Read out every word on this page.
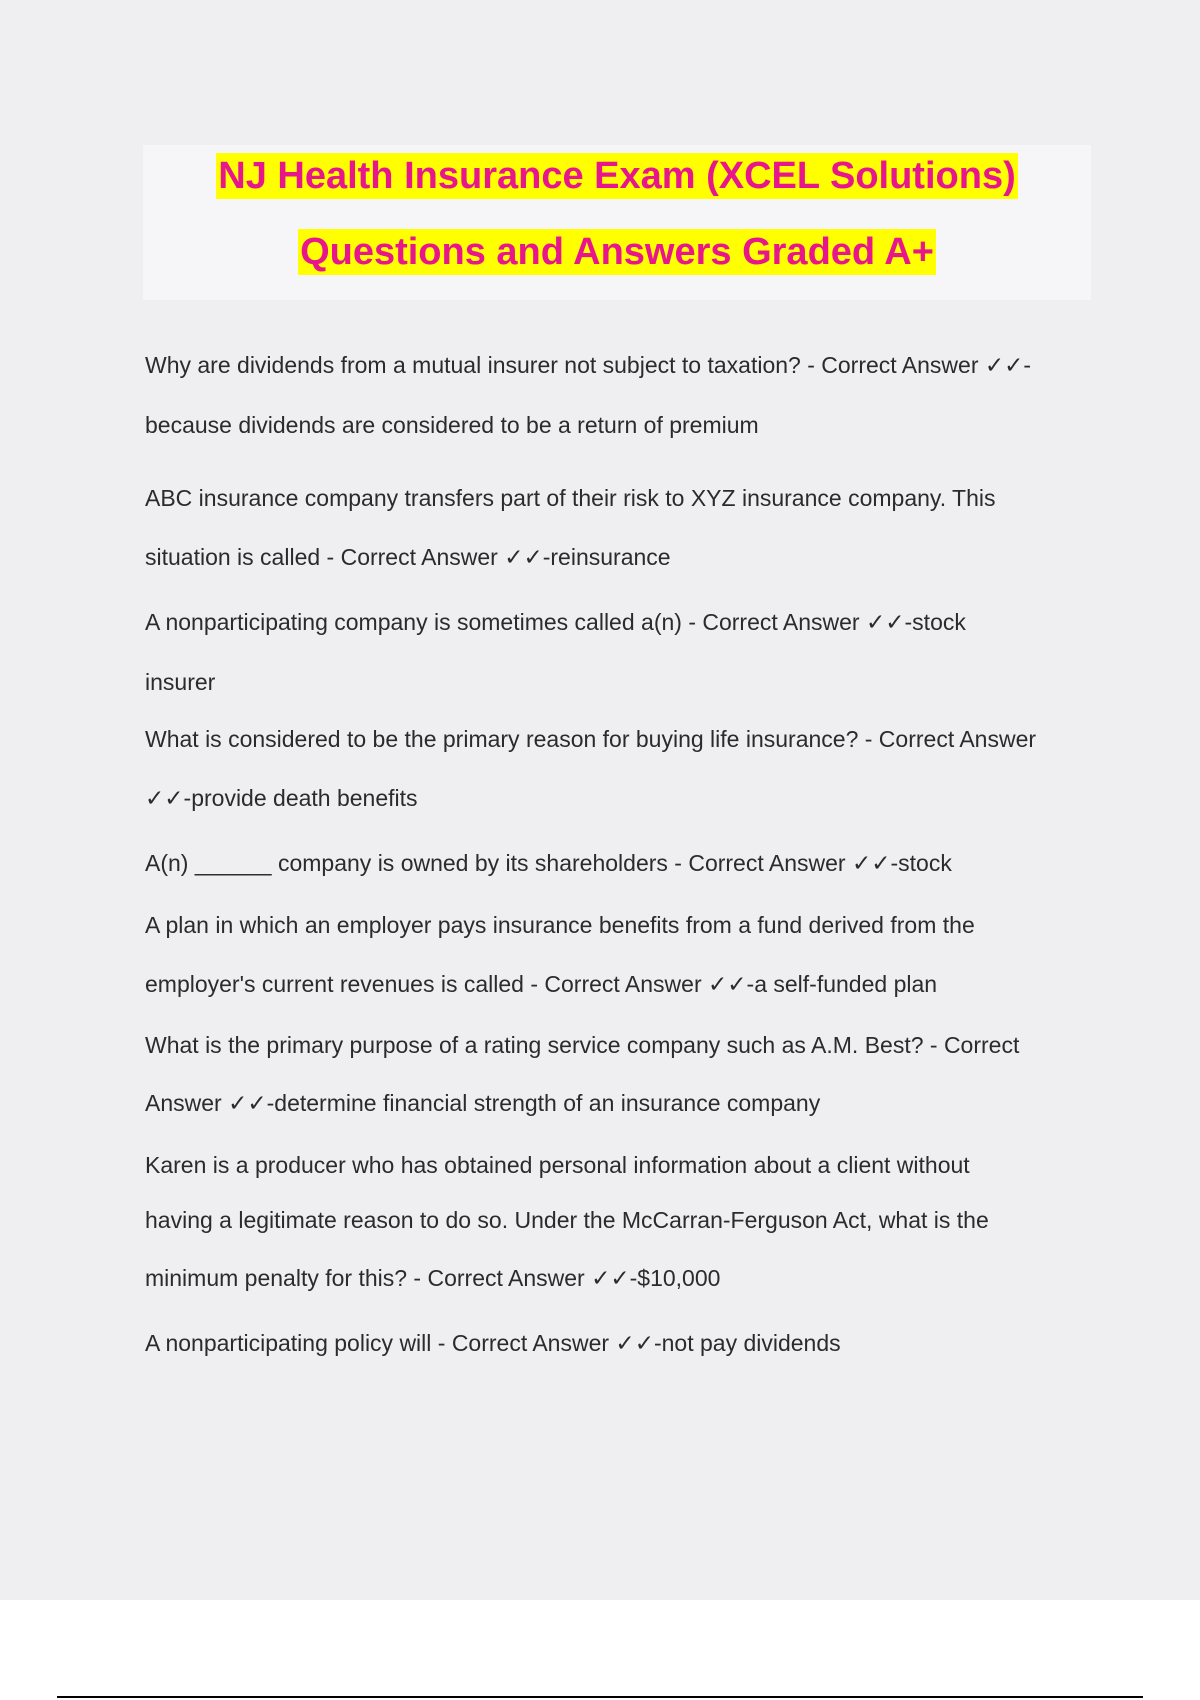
NJ Health Insurance Exam (XCEL Solutions)
Questions and Answers Graded A+
Why are dividends from a mutual insurer not subject to taxation? - Correct Answer ✓✓-
because dividends are considered to be a return of premium
ABC insurance company transfers part of their risk to XYZ insurance company. This
situation is called - Correct Answer ✓✓-reinsurance
A nonparticipating company is sometimes called a(n) - Correct Answer ✓✓-stock
insurer
What is considered to be the primary reason for buying life insurance? - Correct Answer
✓✓-provide death benefits
A(n) ______ company is owned by its shareholders - Correct Answer ✓✓-stock
A plan in which an employer pays insurance benefits from a fund derived from the
employer's current revenues is called - Correct Answer ✓✓-a self-funded plan
What is the primary purpose of a rating service company such as A.M. Best? - Correct
Answer ✓✓-determine financial strength of an insurance company
Karen is a producer who has obtained personal information about a client without
having a legitimate reason to do so. Under the McCarran-Ferguson Act, what is the
minimum penalty for this? - Correct Answer ✓✓-$10,000
A nonparticipating policy will - Correct Answer ✓✓-not pay dividends
